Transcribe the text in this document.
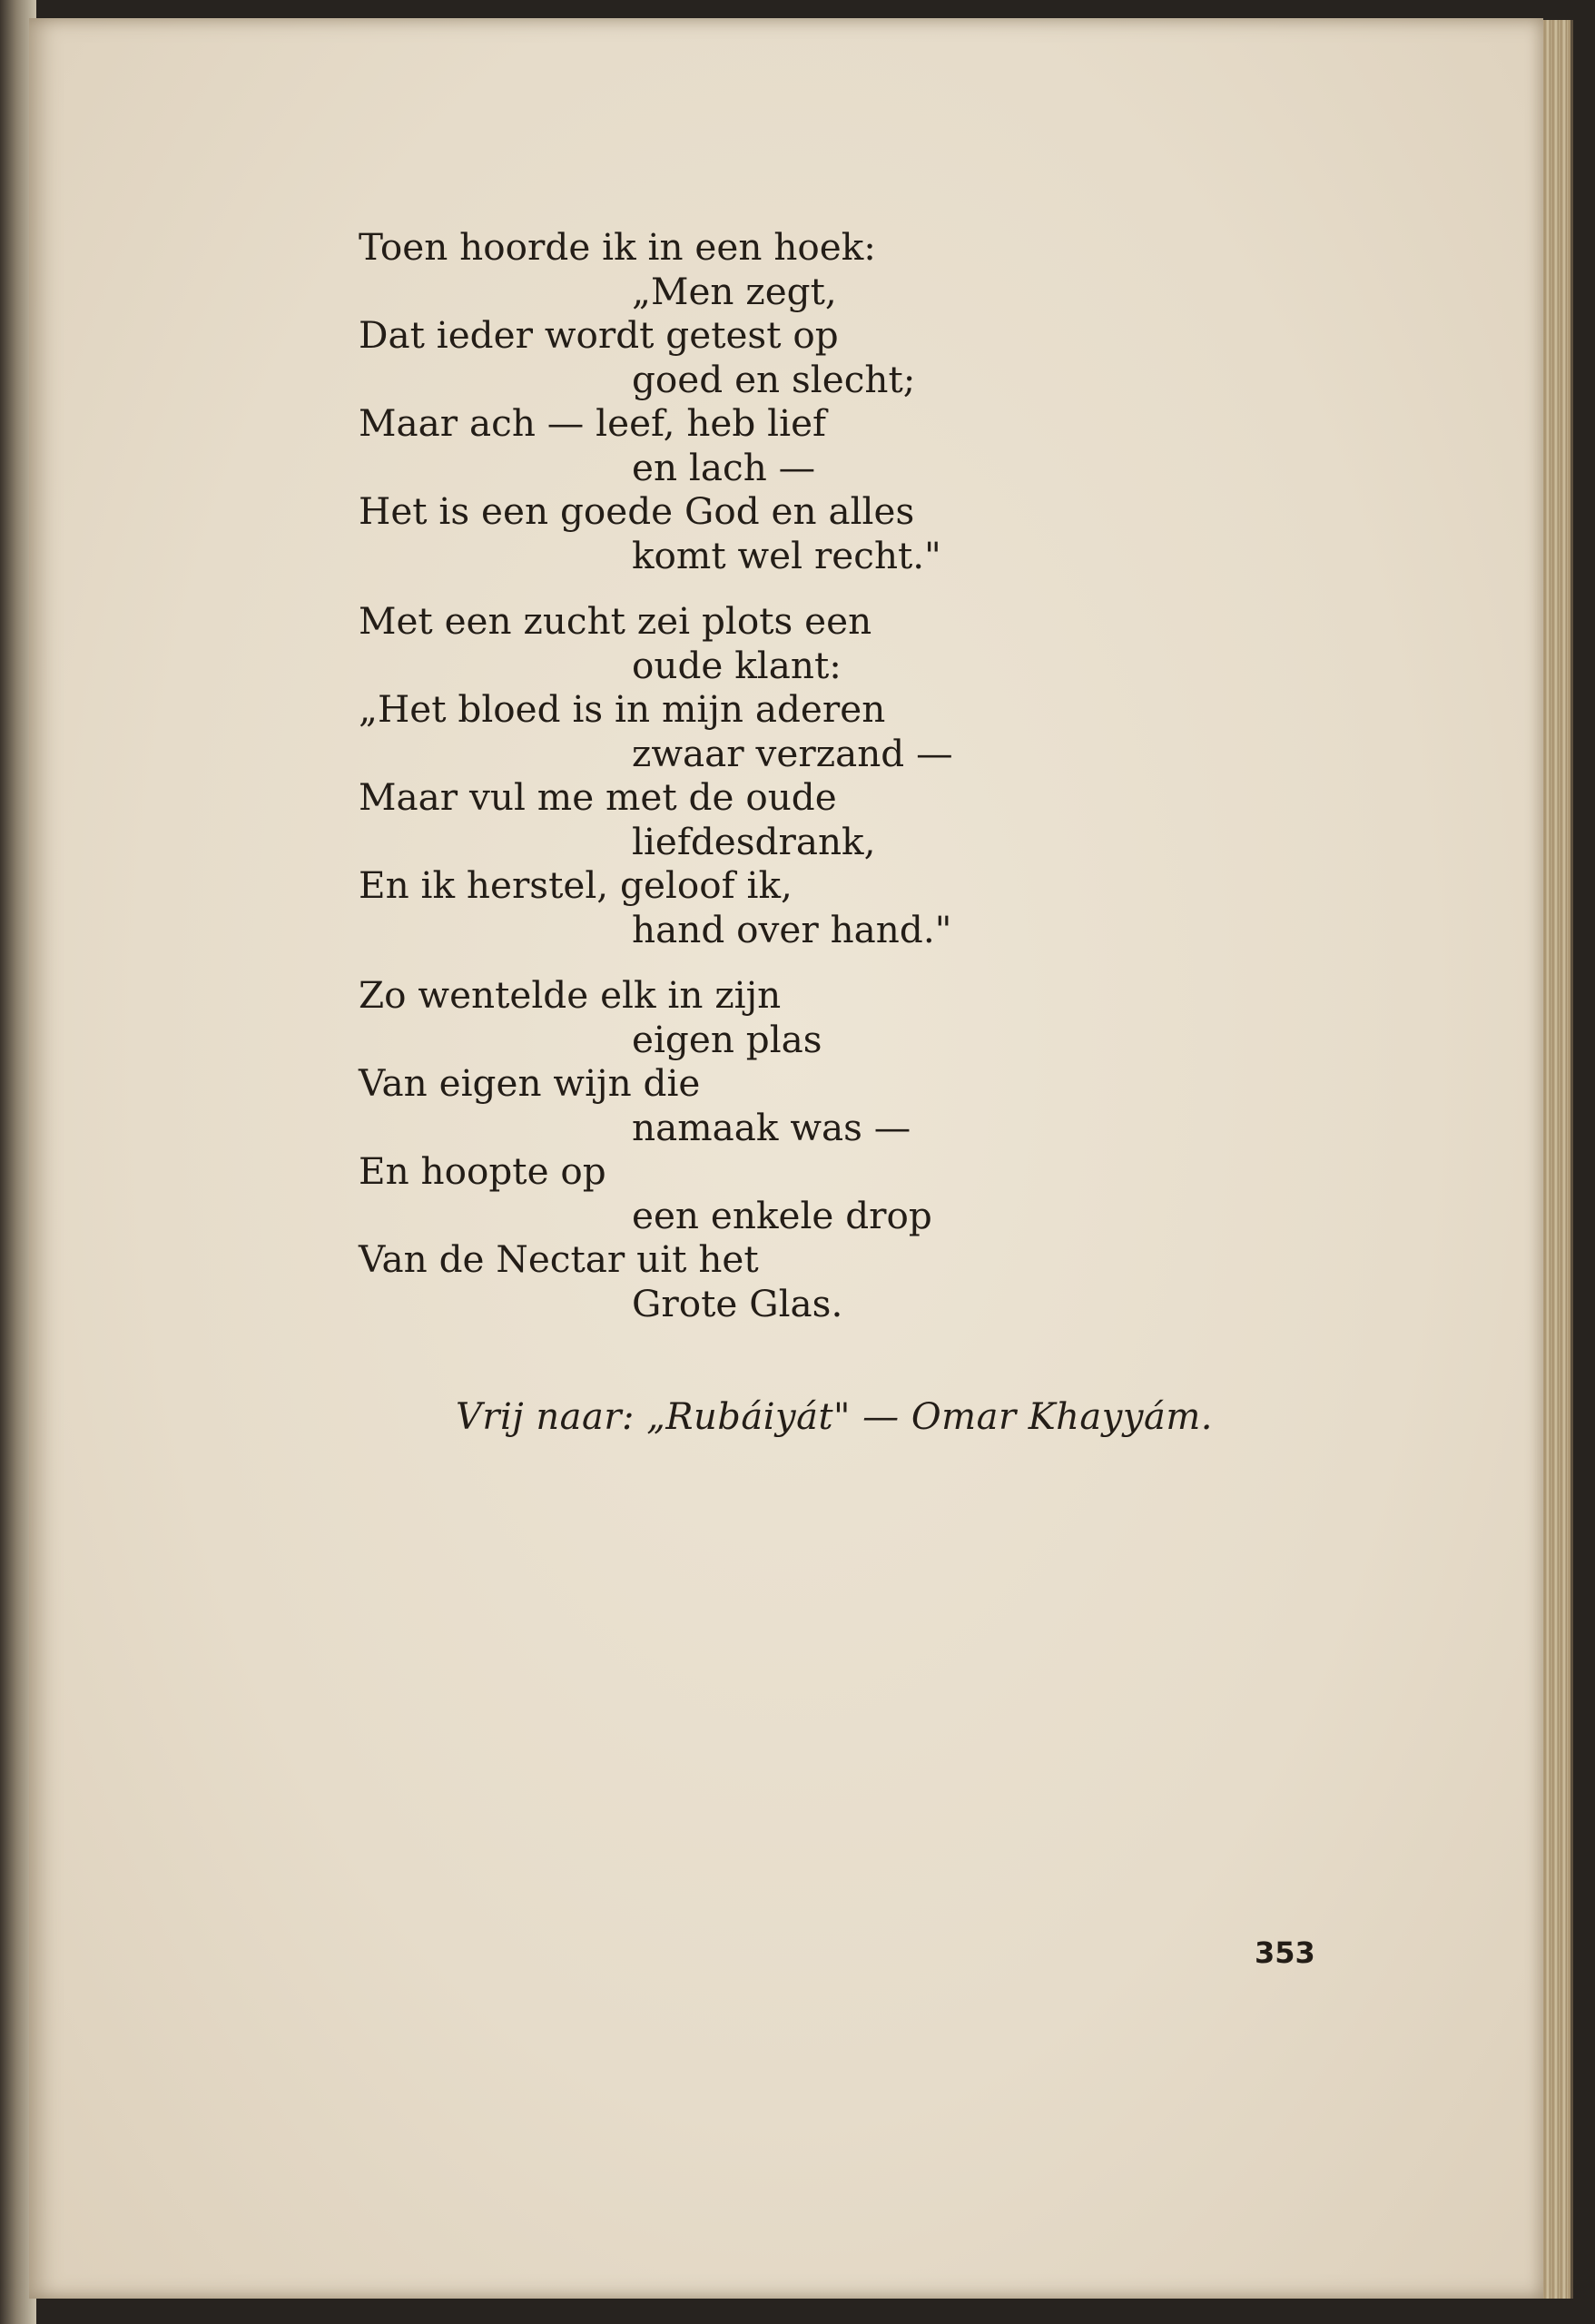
Toen hoorde ik in een hoek:
„Men zegt,
Dat ieder wordt getest op
goed en slecht;
Maar ach — leef, heb lief
en lach —
Het is een goede God en alles
komt wel recht."
Met een zucht zei plots een
oude klant:
„Het bloed is in mijn aderen
zwaar verzand —
Maar vul me met de oude
liefdesdrank,
En ik herstel, geloof ik,
hand over hand."
Zo wentelde elk in zijn
eigen plas
Van eigen wijn die
namaak was —
En hoopte op
een enkele drop
Van de Nectar uit het
Grote Glas.
Vrij naar: „Rubáiyát" — Omar Khayyám.
353
